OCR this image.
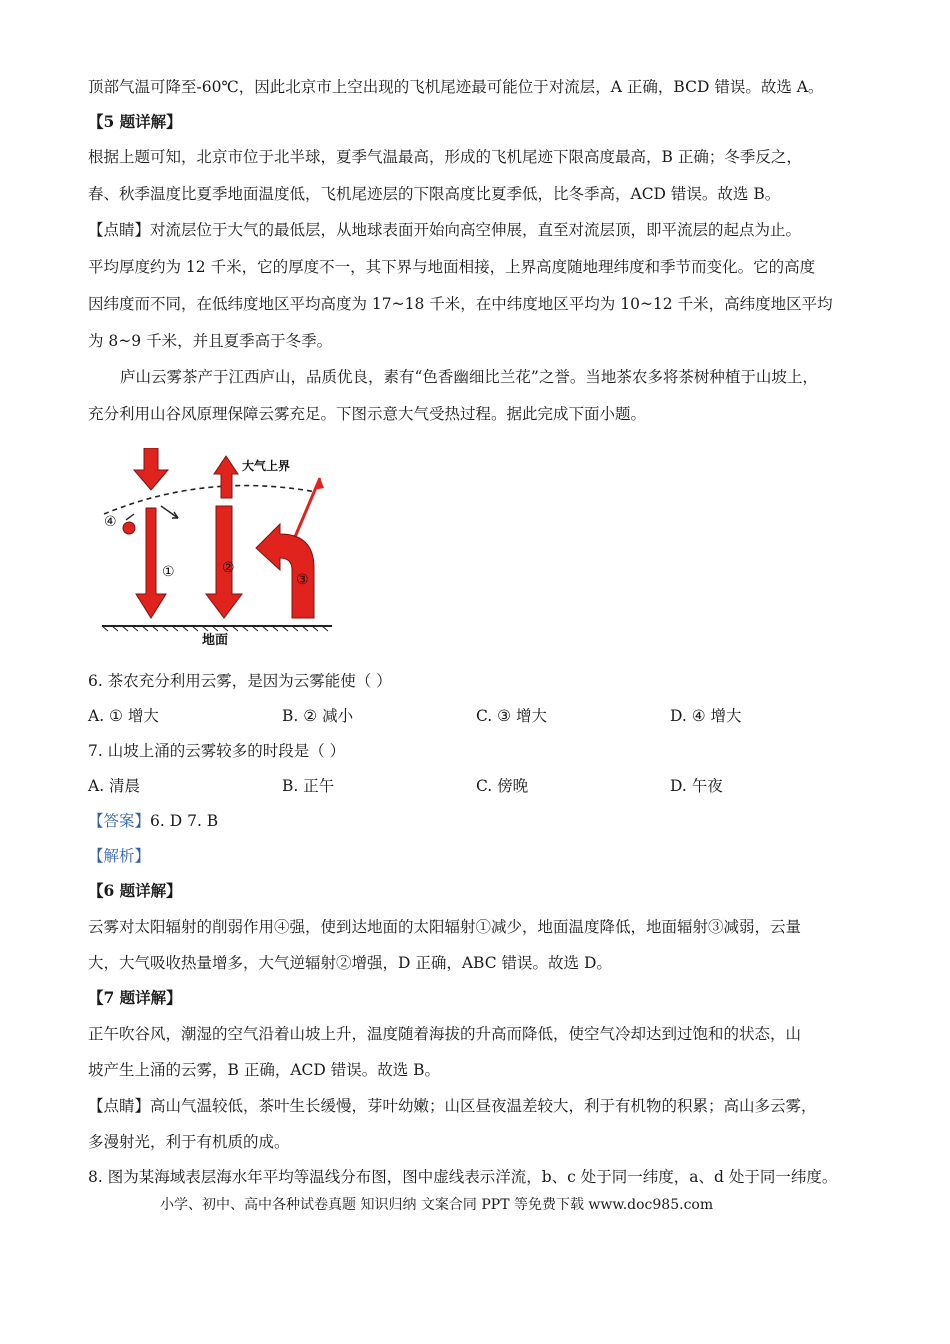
顶部气温可降至-60℃，因此北京市上空出现的飞机尾迹最可能位于对流层，A 正确，BCD 错误。故选 A。
【5 题详解】
根据上题可知，北京市位于北半球，夏季气温最高，形成的飞机尾迹下限高度最高，B 正确；冬季反之，
春、秋季温度比夏季地面温度低，飞机尾迹层的下限高度比夏季低，比冬季高，ACD 错误。故选 B。
【点睛】对流层位于大气的最低层，从地球表面开始向高空伸展，直至对流层顶，即平流层的起点为止。
平均厚度约为 12 千米，它的厚度不一，其下界与地面相接，上界高度随地理纬度和季节而变化。它的高度
因纬度而不同，在低纬度地区平均高度为 17~18 千米，在中纬度地区平均为 10~12 千米，高纬度地区平均
为 8~9 千米，并且夏季高于冬季。
庐山云雾茶产于江西庐山，品质优良，素有“色香幽细比兰花”之誉。当地茶农多将茶树种植于山坡上，
充分利用山谷风原理保障云雾充足。下图示意大气受热过程。据此完成下面小题。
①
④
②
大气上界
③
地面
6. 茶农充分利用云雾，是因为云雾能使（ ）
A. ① 增大	B. ② 减小	C. ③ 增大	D. ④ 增大
7. 山坡上涌的云雾较多的时段是（ ）
A. 清晨	B. 正午	C. 傍晚	D. 午夜
【答案】6. D 7. B
【解析】
【6 题详解】
云雾对太阳辐射的削弱作用④强，使到达地面的太阳辐射①减少，地面温度降低，地面辐射③减弱，云量
大，大气吸收热量增多，大气逆辐射②增强，D 正确，ABC 错误。故选 D。
【7 题详解】
正午吹谷风，潮湿的空气沿着山坡上升，温度随着海拔的升高而降低，使空气冷却达到过饱和的状态，山
坡产生上涌的云雾，B 正确，ACD 错误。故选 B。
【点睛】高山气温较低，茶叶生长缓慢，芽叶幼嫩；山区昼夜温差较大，利于有机物的积累；高山多云雾，
多漫射光，利于有机质的成。
8. 图为某海域表层海水年平均等温线分布图，图中虚线表示洋流，b、c 处于同一纬度，a、d 处于同一纬度。
小学、初中、高中各种试卷真题 知识归纳 文案合同 PPT 等免费下载 www.doc985.com
